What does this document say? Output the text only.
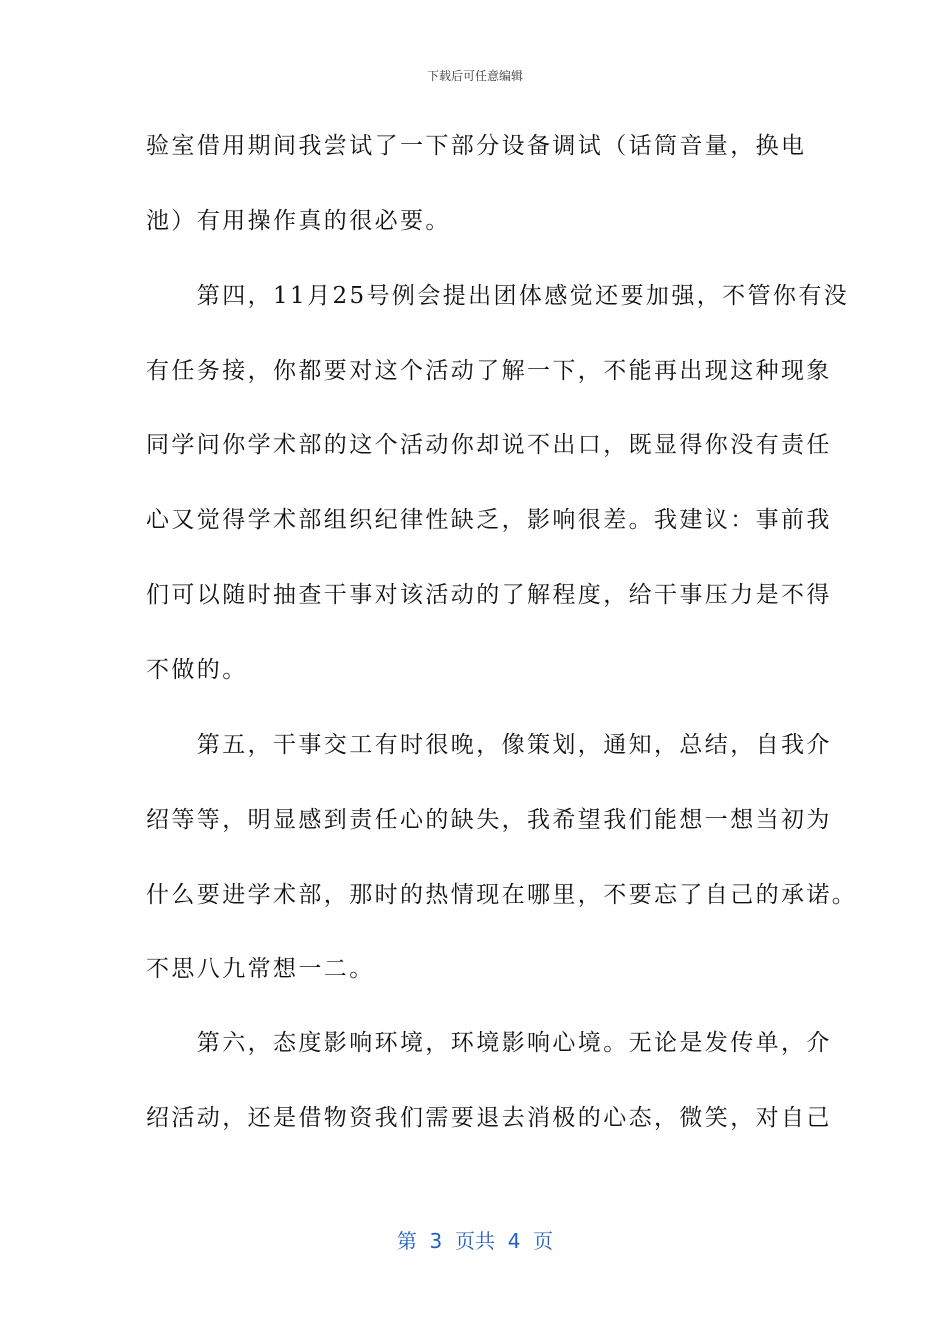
下载后可任意编辑
验室借用期间我尝试了一下部分设备调试（话筒音量，换电
池）有用操作真的很必要。
　　第四，11月25号例会提出团体感觉还要加强，不管你有没
有任务接，你都要对这个活动了解一下，不能再出现这种现象
同学问你学术部的这个活动你却说不出口，既显得你没有责任
心又觉得学术部组织纪律性缺乏，影响很差。我建议：事前我
们可以随时抽查干事对该活动的了解程度，给干事压力是不得
不做的。
　　第五，干事交工有时很晚，像策划，通知，总结，自我介
绍等等，明显感到责任心的缺失，我希望我们能想一想当初为
什么要进学术部，那时的热情现在哪里，不要忘了自己的承诺。
不思八九常想一二。
　　第六，态度影响环境，环境影响心境。无论是发传单，介
绍活动，还是借物资我们需要退去消极的心态，微笑，对自己
第  3  页共  4  页
